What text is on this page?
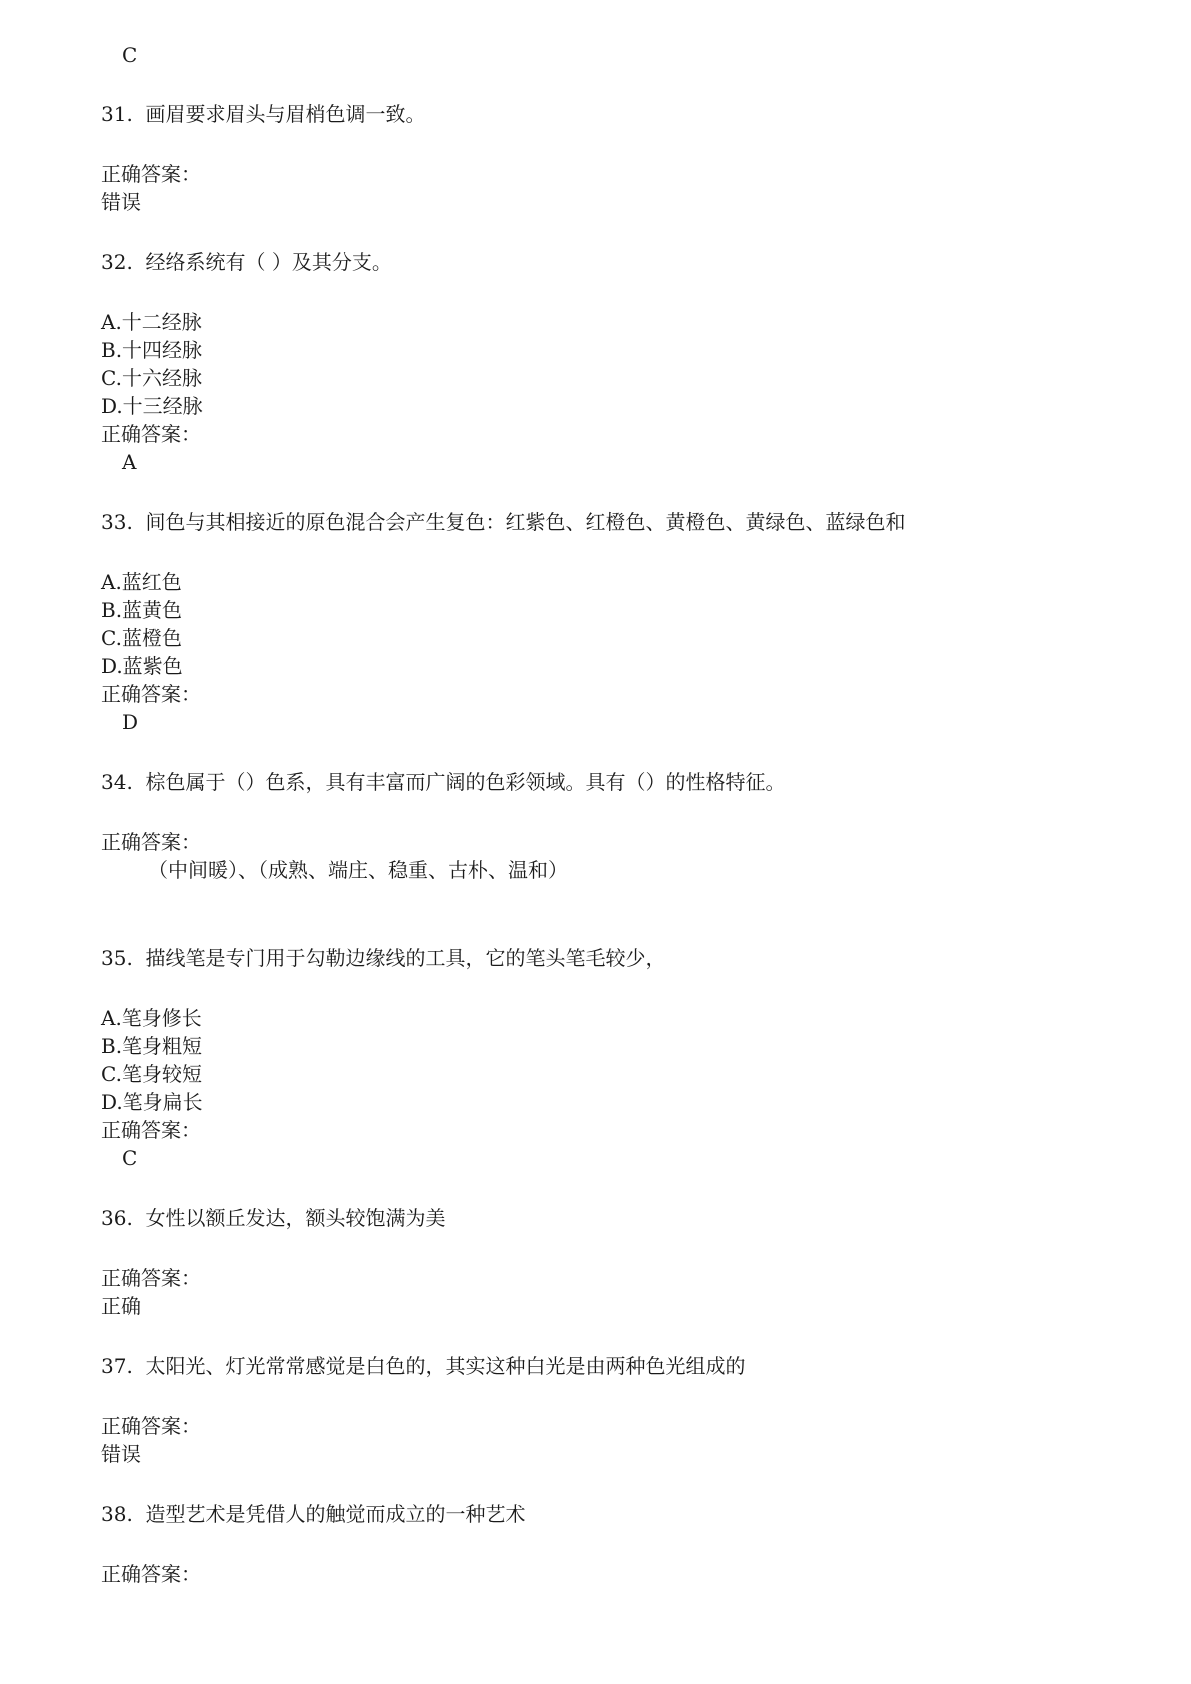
C
31.  画眉要求眉头与眉梢色调一致。
正确答案：
错误
32.  经络系统有（ ）及其分支。
A.十二经脉
B.十四经脉
C.十六经脉
D.十三经脉
正确答案：
A
33.  间色与其相接近的原色混合会产生复色：红紫色、红橙色、黄橙色、黄绿色、蓝绿色和
A.蓝红色
B.蓝黄色
C.蓝橙色
D.蓝紫色
正确答案：
D
34.  棕色属于（）色系，具有丰富而广阔的色彩领域。具有（）的性格特征。
正确答案：
（中间暖）、（成熟、端庄、稳重、古朴、温和）
35.  描线笔是专门用于勾勒边缘线的工具，它的笔头笔毛较少，
A.笔身修长
B.笔身粗短
C.笔身较短
D.笔身扁长
正确答案：
C
36.  女性以额丘发达，额头较饱满为美
正确答案：
正确
37.  太阳光、灯光常常感觉是白色的，其实这种白光是由两种色光组成的
正确答案：
错误
38.  造型艺术是凭借人的触觉而成立的一种艺术
正确答案：
